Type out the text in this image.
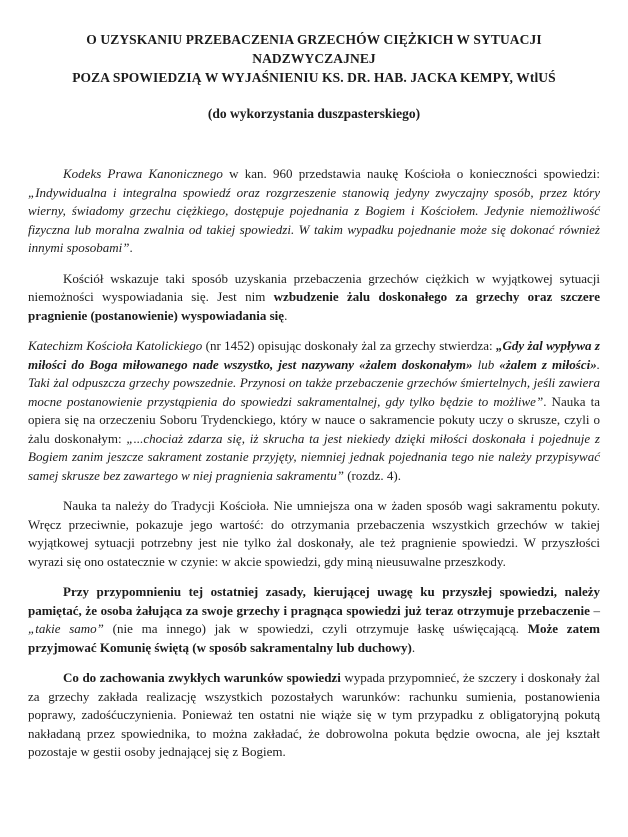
O UZYSKANIU PRZEBACZENIA GRZECHÓW CIĘŻKICH W SYTUACJI NADZWYCZAJNEJ
POZA SPOWIEDZIĄ W WYJAŚNIENIU KS. DR. HAB. JACKA KEMPY, WtlUŚ
(do wykorzystania duszpasterskiego)

Kodeks Prawa Kanonicznego w kan. 960 przedstawia naukę Kościoła o konieczności spowiedzi: „Indywidualna i integralna spowiedź oraz rozgrzeszenie stanowią jedyny zwyczajny sposób, przez który wierny, świadomy grzechu ciężkiego, dostępuje pojednania z Bogiem i Kościołem. Jedynie niemożliwość fizyczna lub moralna zwalnia od takiej spowiedzi. W takim wypadku pojednanie może się dokonać również innymi sposobami”.

Kościół wskazuje taki sposób uzyskania przebaczenia grzechów ciężkich w wyjątkowej sytuacji niemożności wyspowiadania się. Jest nim wzbudzenie żalu doskonałego za grzechy oraz szczere pragnienie (postanowienie) wyspowiadania się.

Katechizm Kościoła Katolickiego (nr 1452) opisując doskonały żal za grzechy stwierdza: „Gdy żal wypływa z miłości do Boga miłowanego nade wszystko, jest nazywany «żalem doskonałym» lub «żalem z miłości». Taki żal odpuszcza grzechy powszednie. Przynosi on także przebaczenie grzechów śmiertelnych, jeśli zawiera mocne postanowienie przystąpienia do spowiedzi sakramentalnej, gdy tylko będzie to możliwe”. Nauka ta opiera się na orzeczeniu Soboru Trydenckiego, który w nauce o sakramencie pokuty uczy o skrusze, czyli o żalu doskonałym: „...chociaż zdarza się, iż skrucha ta jest niekiedy dzięki miłości doskonała i pojednuje z Bogiem zanim jeszcze sakrament zostanie przyjęty, niemniej jednak pojednania tego nie należy przypisywać samej skrusze bez zawartego w niej pragnienia sakramentu” (rozdz. 4).

Nauka ta należy do Tradycji Kościoła. Nie umniejsza ona w żaden sposób wagi sakramentu pokuty. Wręcz przeciwnie, pokazuje jego wartość: do otrzymania przebaczenia wszystkich grzechów w takiej wyjątkowej sytuacji potrzebny jest nie tylko żal doskonały, ale też pragnienie spowiedzi. W przyszłości wyrazi się ono ostatecznie w czynie: w akcie spowiedzi, gdy miną nieusuwalne przeszkody.

Przy przypomnieniu tej ostatniej zasady, kierującej uwagę ku przyszłej spowiedzi, należy pamiętać, że osoba żałująca za swoje grzechy i pragnąca spowiedzi już teraz otrzymuje przebaczenie – „takie samo” (nie ma innego) jak w spowiedzi, czyli otrzymuje łaskę uświęcającą. Może zatem przyjmować Komunię świętą (w sposób sakramentalny lub duchowy).

Co do zachowania zwykłych warunków spowiedzi wypada przypomnieć, że szczery i doskonały żal za grzechy zakłada realizację wszystkich pozostałych warunków: rachunku sumienia, postanowienia poprawy, zadośćuczynienia. Ponieważ ten ostatni nie wiąże się w tym przypadku z obligatoryjną pokutą nakładaną przez spowiednika, to można zakładać, że dobrowolna pokuta będzie owocna, ale jej kształt pozostaje w gestii osoby jednającej się z Bogiem.
